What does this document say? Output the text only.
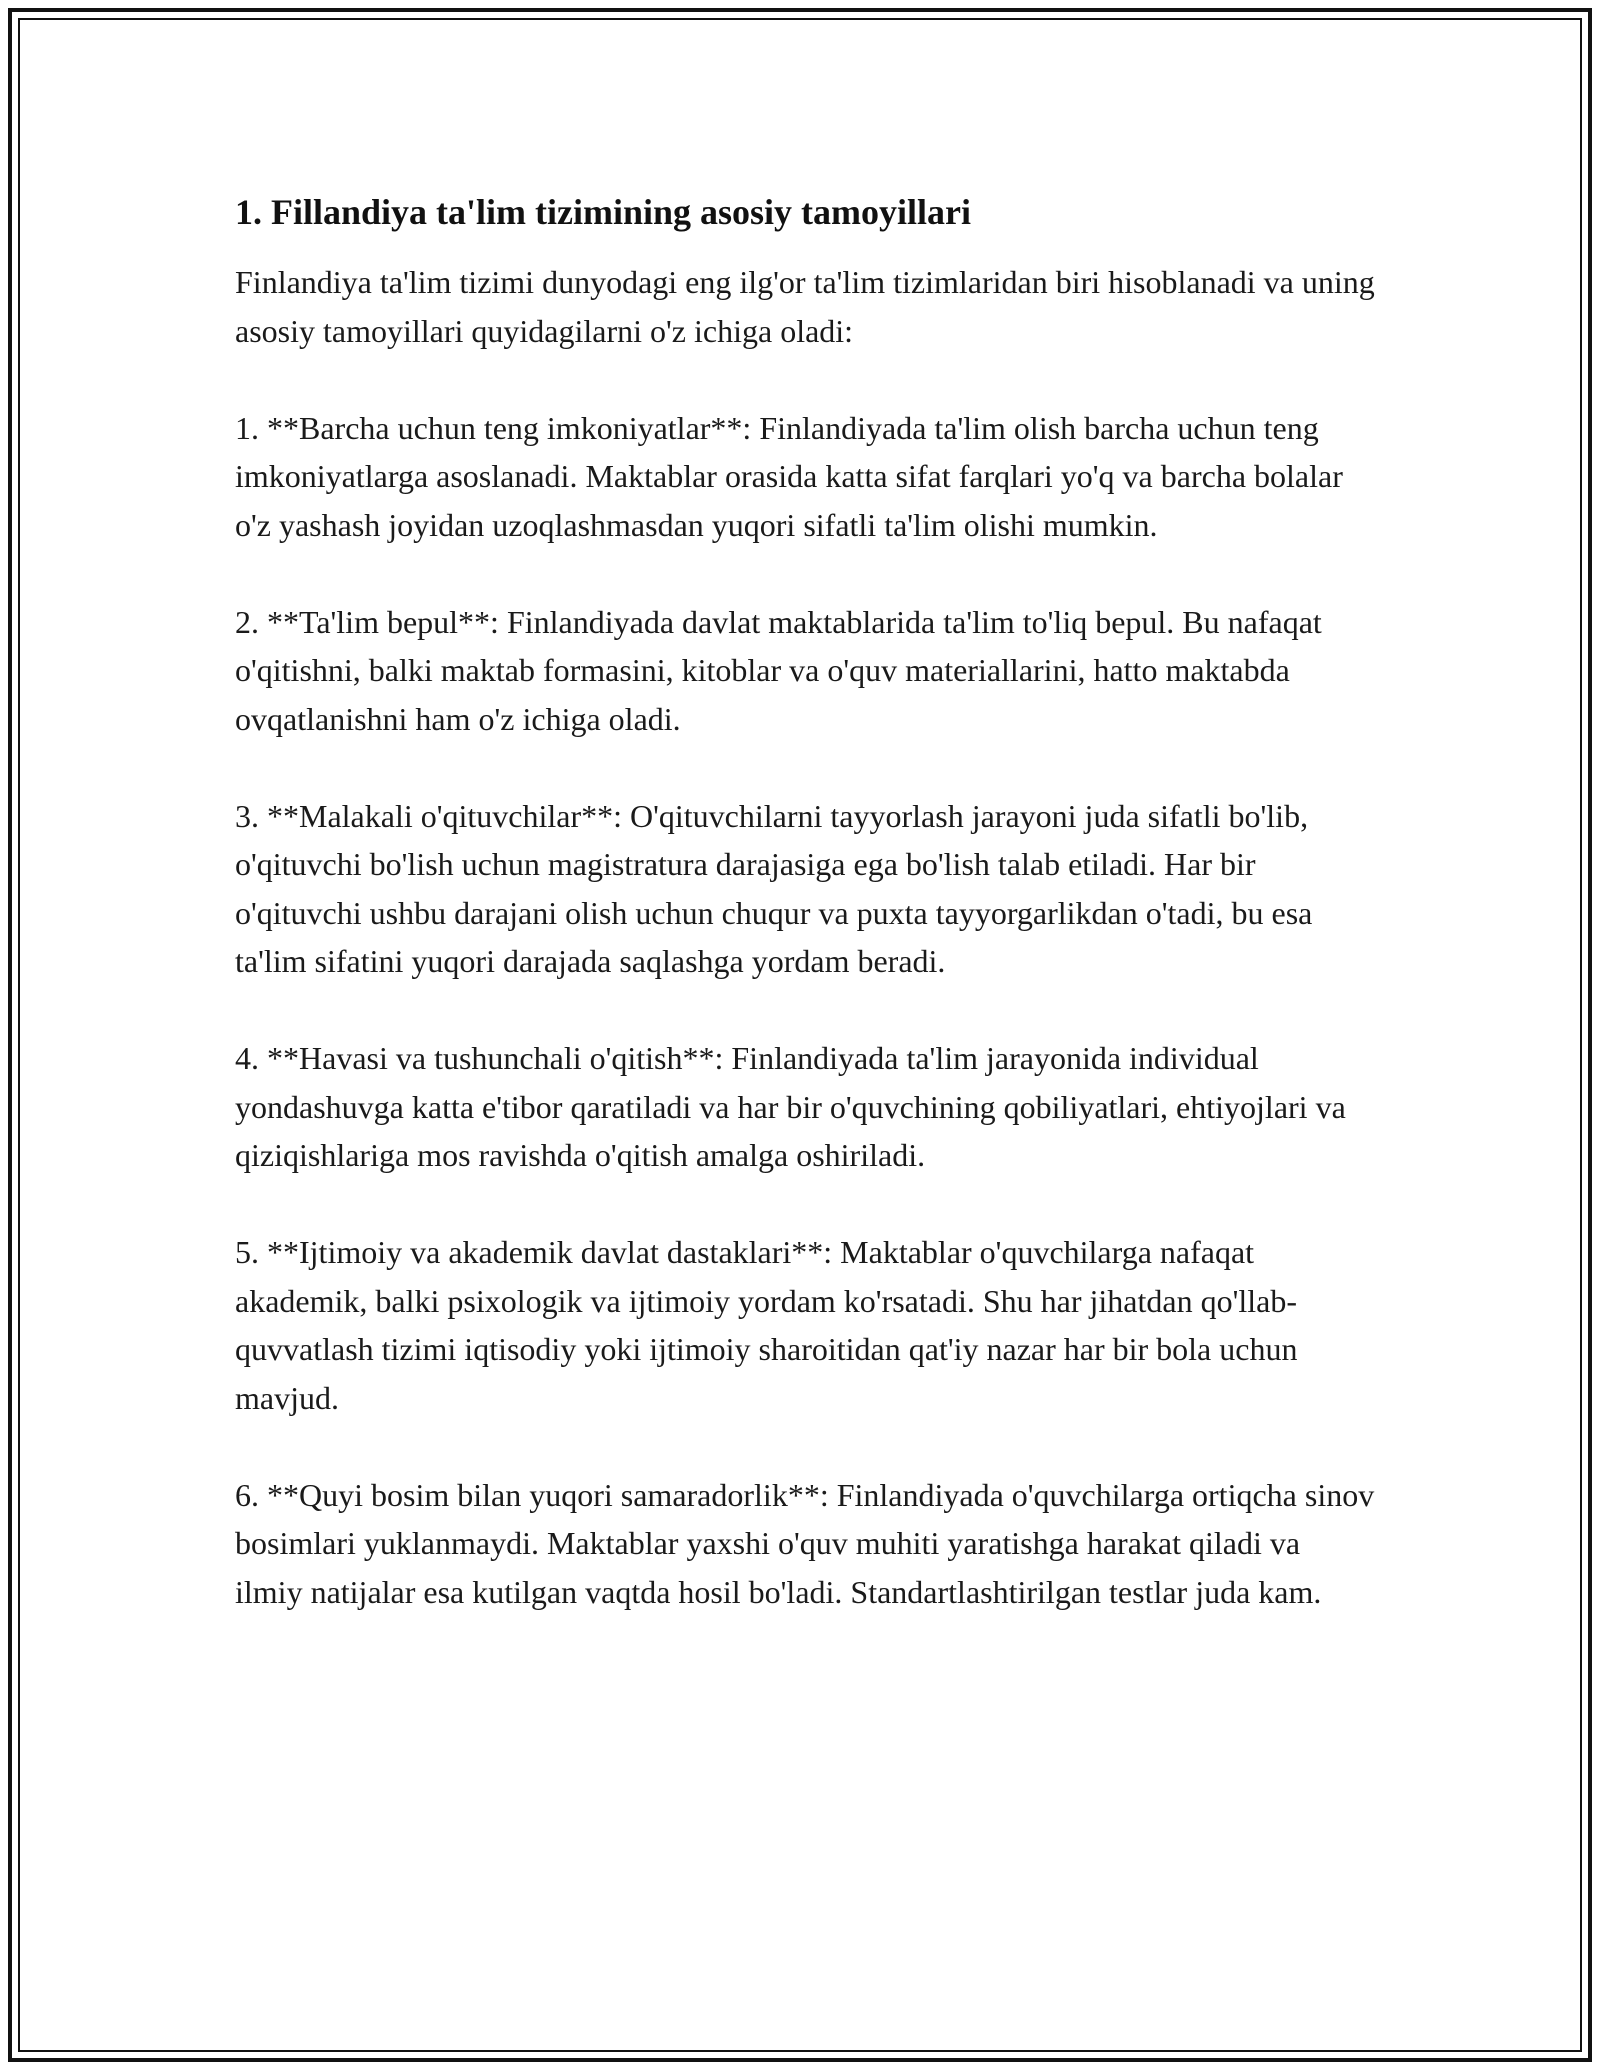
1. Fillandiya ta'lim tizimining asosiy tamoyillari

Finlandiya ta'lim tizimi dunyodagi eng ilg'or ta'lim tizimlaridan biri hisoblanadi va uning asosiy tamoyillari quyidagilarni o'z ichiga oladi:

1. **Barcha uchun teng imkoniyatlar**: Finlandiyada ta'lim olish barcha uchun teng imkoniyatlarga asoslanadi. Maktablar orasida katta sifat farqlari yo'q va barcha bolalar o'z yashash joyidan uzoqlashmasdan yuqori sifatli ta'lim olishi mumkin.

2. **Ta'lim bepul**: Finlandiyada davlat maktablarida ta'lim to'liq bepul. Bu nafaqat o'qitishni, balki maktab formasini, kitoblar va o'quv materiallarini, hatto maktabda ovqatlanishni ham o'z ichiga oladi.

3. **Malakali o'qituvchilar**: O'qituvchilarni tayyorlash jarayoni juda sifatli bo'lib, o'qituvchi bo'lish uchun magistratura darajasiga ega bo'lish talab etiladi. Har bir o'qituvchi ushbu darajani olish uchun chuqur va puxta tayyorgarlikdan o'tadi, bu esa ta'lim sifatini yuqori darajada saqlashga yordam beradi.

4. **Havasi va tushunchali o'qitish**: Finlandiyada ta'lim jarayonida individual yondashuvga katta e'tibor qaratiladi va har bir o'quvchining qobiliyatlari, ehtiyojlari va qiziqishlariga mos ravishda o'qitish amalga oshiriladi.

5. **Ijtimoiy va akademik davlat dastaklari**: Maktablar o'quvchilarga nafaqat akademik, balki psixologik va ijtimoiy yordam ko'rsatadi. Shu har jihatdan qo'llab-quvvatlash tizimi iqtisodiy yoki ijtimoiy sharoitidan qat'iy nazar har bir bola uchun mavjud.

6. **Quyi bosim bilan yuqori samaradorlik**: Finlandiyada o'quvchilarga ortiqcha sinov bosimlari yuklanmaydi. Maktablar yaxshi o'quv muhiti yaratishga harakat qiladi va ilmiy natijalar esa kutilgan vaqtda hosil bo'ladi. Standartlashtirilgan testlar juda kam.
